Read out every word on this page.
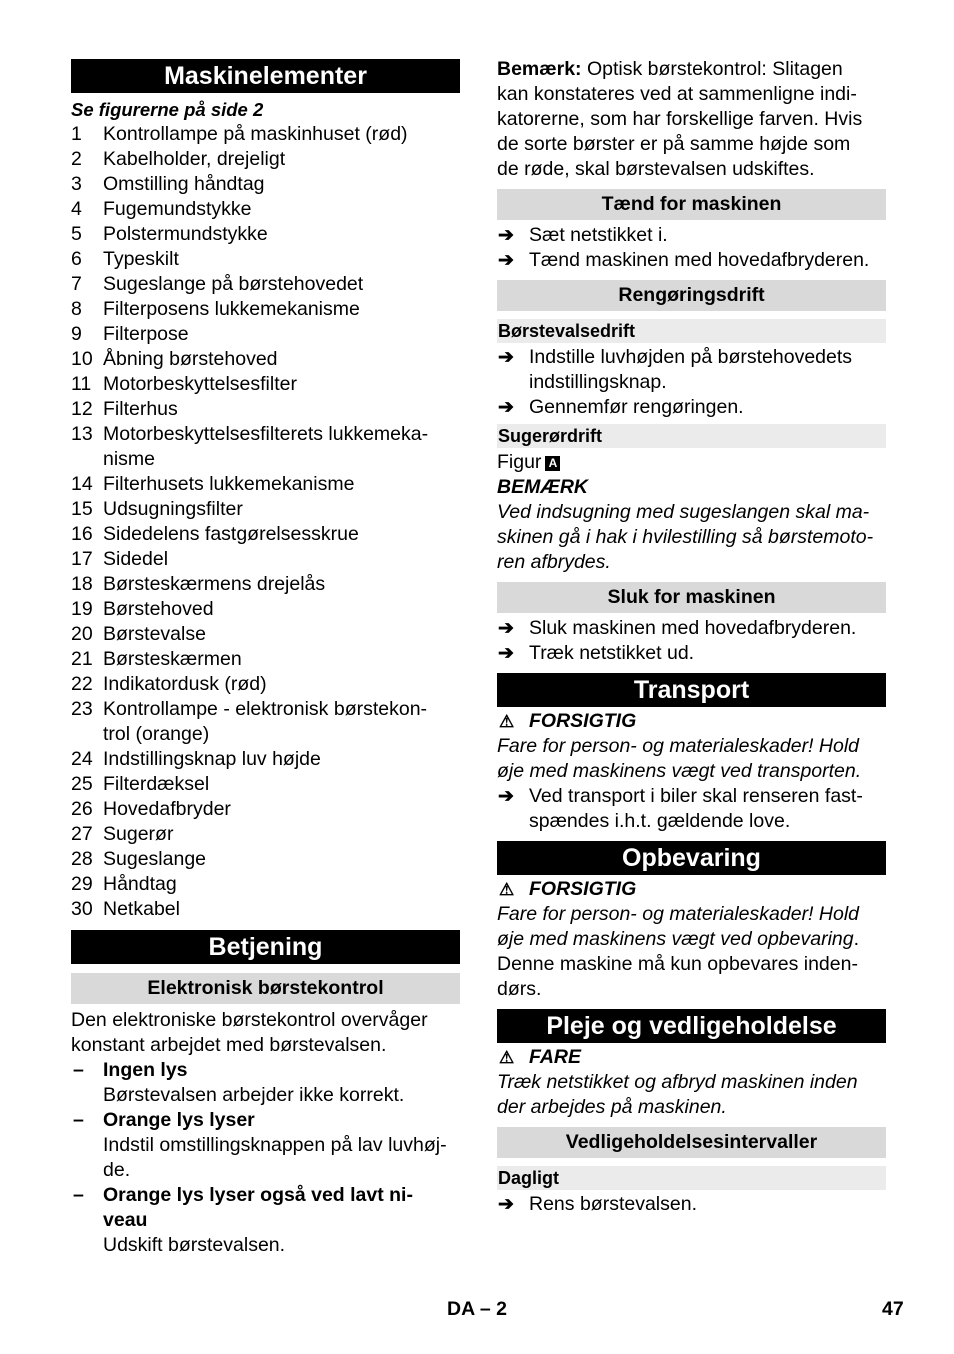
Maskinelementer
Se figurerne på side 2
1 Kontrollampe på maskinhuset (rød)
2 Kabelholder, drejeligt
3 Omstilling håndtag
4 Fugemundstykke
5 Polstermundstykke
6 Typeskilt
7 Sugeslange på børstehovedet
8 Filterposens lukkemekanisme
9 Filterpose
10 Åbning børstehoved
11 Motorbeskyttelsesfilter
12 Filterhus
13 Motorbeskyttelsesfilterets lukkemeka-
nisme
14 Filterhusets lukkemekanisme
15 Udsugningsfilter
16 Sidedelens fastgørelsesskrue
17 Sidedel
18 Børsteskærmens drejelås
19 Børstehoved
20 Børstevalse
21 Børsteskærmen
22 Indikatordusk (rød)
23 Kontrollampe - elektronisk børstekon-
trol (orange)
24 Indstillingsknap luv højde
25 Filterdæksel
26 Hovedafbryder
27 Sugerør
28 Sugeslange
29 Håndtag
30 Netkabel
Betjening
Elektronisk børstekontrol
Den elektroniske børstekontrol overvåger
konstant arbejdet med børstevalsen.
– Ingen lys
Børstevalsen arbejder ikke korrekt.
– Orange lys lyser
Indstil omstillingsknappen på lav luvhøj-
de.
– Orange lys lyser også ved lavt ni-
veau
Udskift børstevalsen.
Bemærk: Optisk børstekontrol: Slitagen
kan konstateres ved at sammenligne indi-
katorerne, som har forskellige farven. Hvis
de sorte børster er på samme højde som
de røde, skal børstevalsen udskiftes.
Tænd for maskinen
➔ Sæt netstikket i.
➔ Tænd maskinen med hovedafbryderen.
Rengøringsdrift
Børstevalsedrift
➔ Indstille luvhøjden på børstehovedets
indstillingsknap.
➔ Gennemfør rengøringen.
Sugerørdrift
Figur A
BEMÆRK
Ved indsugning med sugeslangen skal ma-
skinen gå i hak i hvilestilling så børstemoto-
ren afbrydes.
Sluk for maskinen
➔ Sluk maskinen med hovedafbryderen.
➔ Træk netstikket ud.
Transport
⚠ FORSIGTIG
Fare for person- og materialeskader! Hold
øje med maskinens vægt ved transporten.
➔ Ved transport i biler skal renseren fast-
spændes i.h.t. gældende love.
Opbevaring
⚠ FORSIGTIG
Fare for person- og materialeskader! Hold
øje med maskinens vægt ved opbevaring.
Denne maskine må kun opbevares inden-
dørs.
Pleje og vedligeholdelse
⚠ FARE
Træk netstikket og afbryd maskinen inden
der arbejdes på maskinen.
Vedligeholdelsesintervaller
Dagligt
➔ Rens børstevalsen.
DA – 2	47
